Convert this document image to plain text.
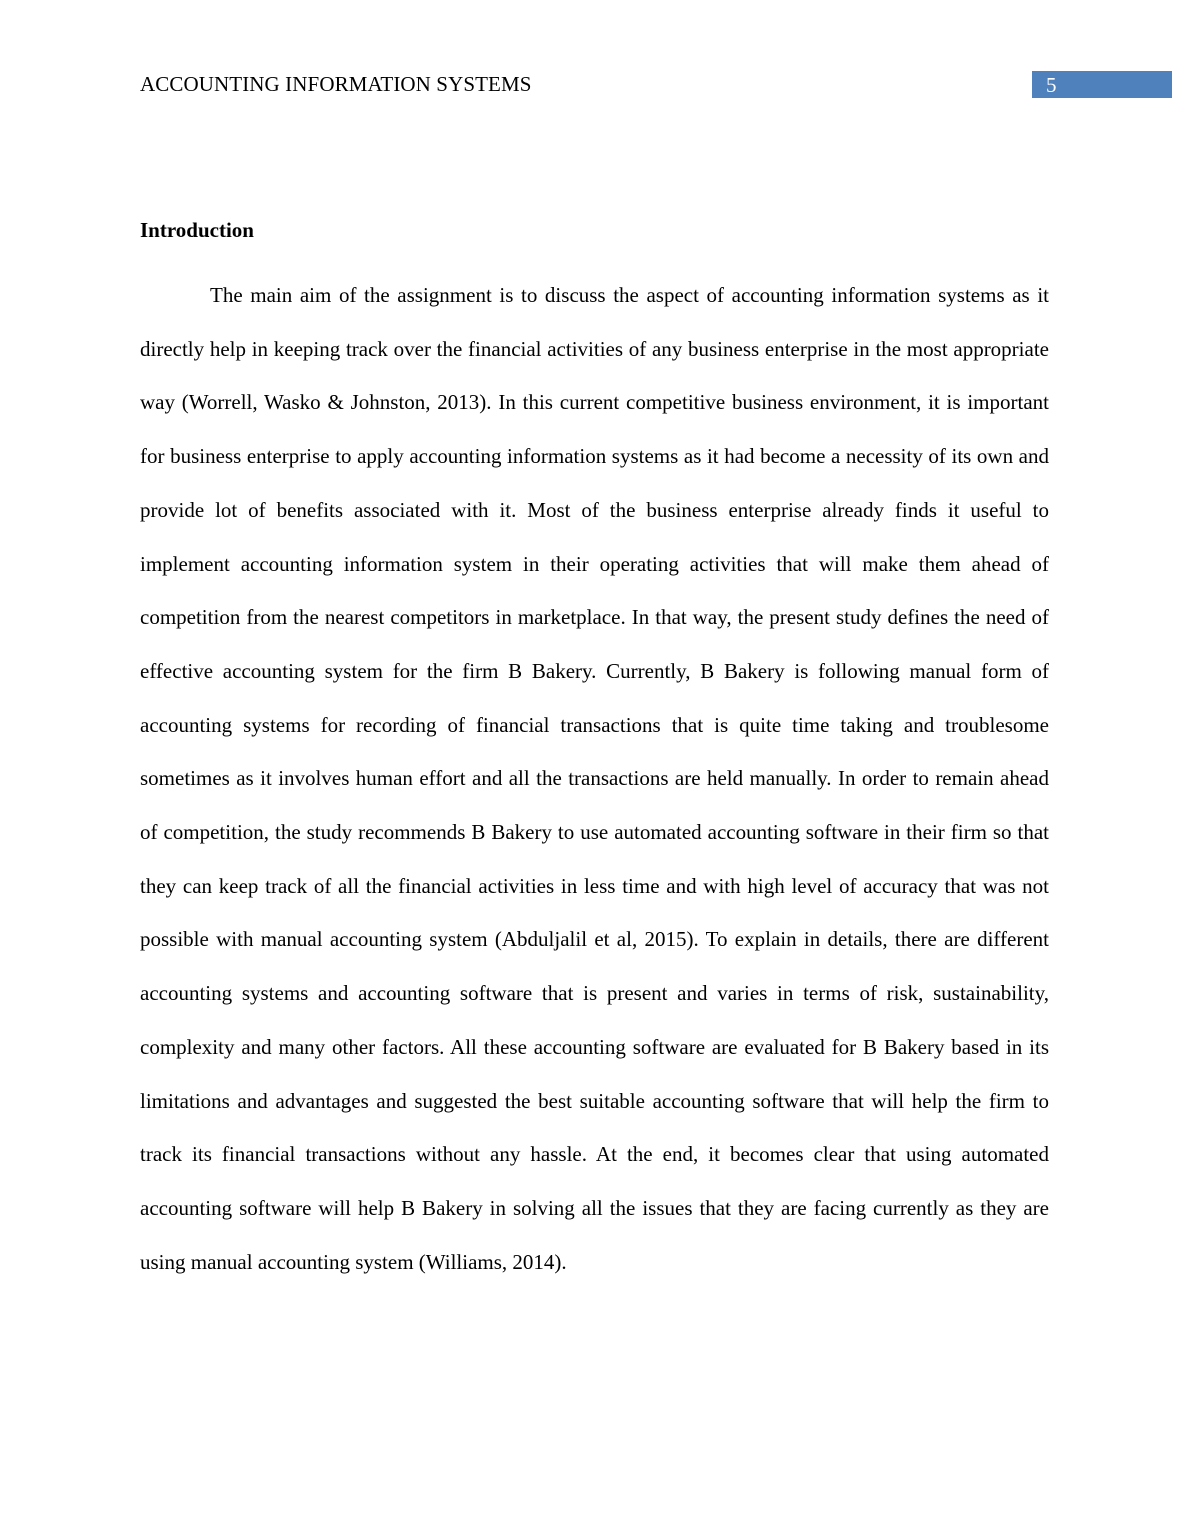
ACCOUNTING INFORMATION SYSTEMS	5
Introduction

The main aim of the assignment is to discuss the aspect of accounting information systems as it directly help in keeping track over the financial activities of any business enterprise in the most appropriate way (Worrell, Wasko & Johnston, 2013). In this current competitive business environment, it is important for business enterprise to apply accounting information systems as it had become a necessity of its own and provide lot of benefits associated with it. Most of the business enterprise already finds it useful to implement accounting information system in their operating activities that will make them ahead of competition from the nearest competitors in marketplace. In that way, the present study defines the need of effective accounting system for the firm B Bakery. Currently, B Bakery is following manual form of accounting systems for recording of financial transactions that is quite time taking and troublesome sometimes as it involves human effort and all the transactions are held manually. In order to remain ahead of competition, the study recommends B Bakery to use automated accounting software in their firm so that they can keep track of all the financial activities in less time and with high level of accuracy that was not possible with manual accounting system (Abduljalil et al, 2015). To explain in details, there are different accounting systems and accounting software that is present and varies in terms of risk, sustainability, complexity and many other factors. All these accounting software are evaluated for B Bakery based in its limitations and advantages and suggested the best suitable accounting software that will help the firm to track its financial transactions without any hassle. At the end, it becomes clear that using automated accounting software will help B Bakery in solving all the issues that they are facing currently as they are using manual accounting system (Williams, 2014).
